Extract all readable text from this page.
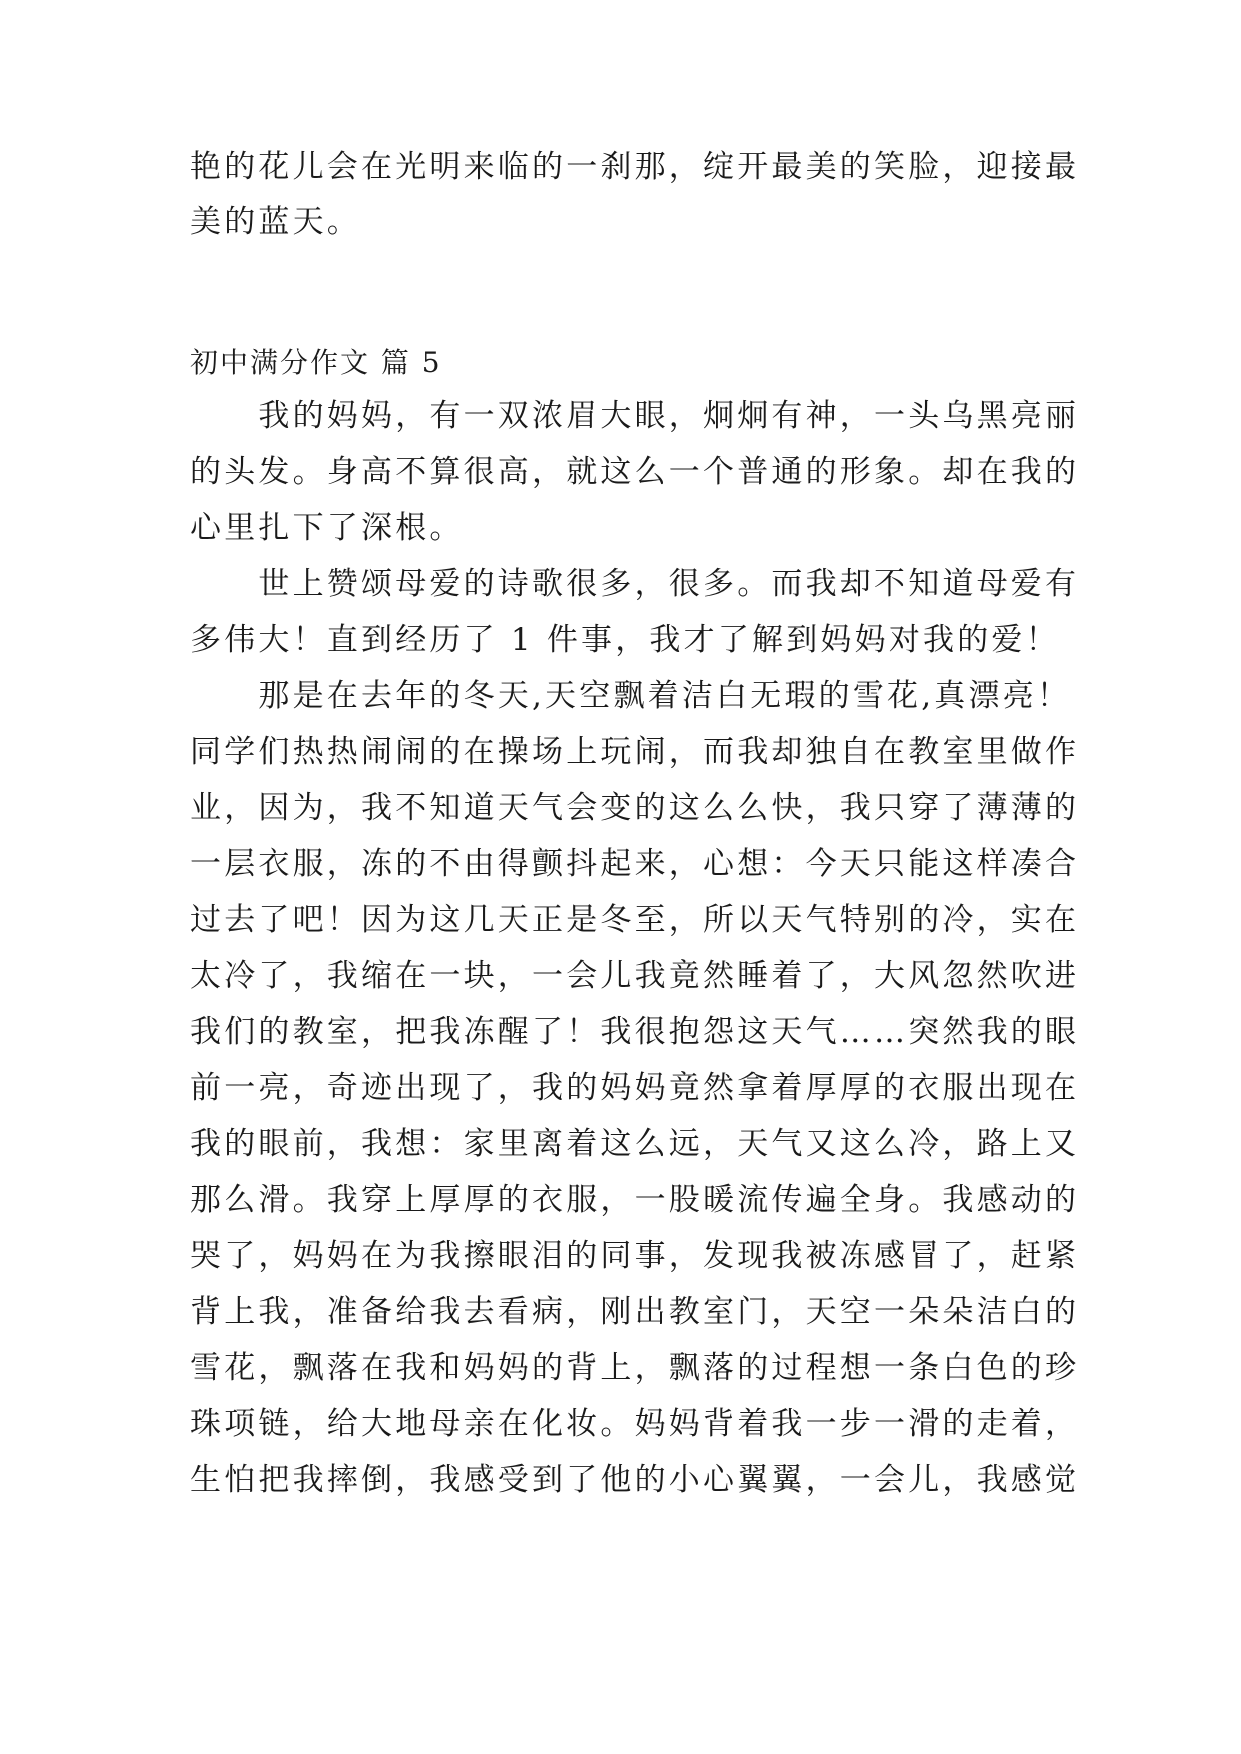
艳的花儿会在光明来临的一刹那，绽开最美的笑脸，迎接最
美的蓝天。
初中满分作文 篇 5
　　我的妈妈，有一双浓眉大眼，炯炯有神，一头乌黑亮丽
的头发。身高不算很高，就这么一个普通的形象。却在我的
心里扎下了深根。
　　世上赞颂母爱的诗歌很多，很多。而我却不知道母爱有
多伟大！直到经历了 1 件事，我才了解到妈妈对我的爱！
　　那是在去年的冬天,天空飘着洁白无瑕的雪花,真漂亮！
同学们热热闹闹的在操场上玩闹，而我却独自在教室里做作
业，因为，我不知道天气会变的这么么快，我只穿了薄薄的
一层衣服，冻的不由得颤抖起来，心想：今天只能这样凑合
过去了吧！因为这几天正是冬至，所以天气特别的冷，实在
太冷了，我缩在一块，一会儿我竟然睡着了，大风忽然吹进
我们的教室，把我冻醒了！我很抱怨这天气……突然我的眼
前一亮，奇迹出现了，我的妈妈竟然拿着厚厚的衣服出现在
我的眼前，我想：家里离着这么远，天气又这么冷，路上又
那么滑。我穿上厚厚的衣服，一股暖流传遍全身。我感动的
哭了，妈妈在为我擦眼泪的同事，发现我被冻感冒了，赶紧
背上我，准备给我去看病，刚出教室门，天空一朵朵洁白的
雪花，飘落在我和妈妈的背上，飘落的过程想一条白色的珍
珠项链，给大地母亲在化妆。妈妈背着我一步一滑的走着，
生怕把我摔倒，我感受到了他的小心翼翼，一会儿，我感觉
